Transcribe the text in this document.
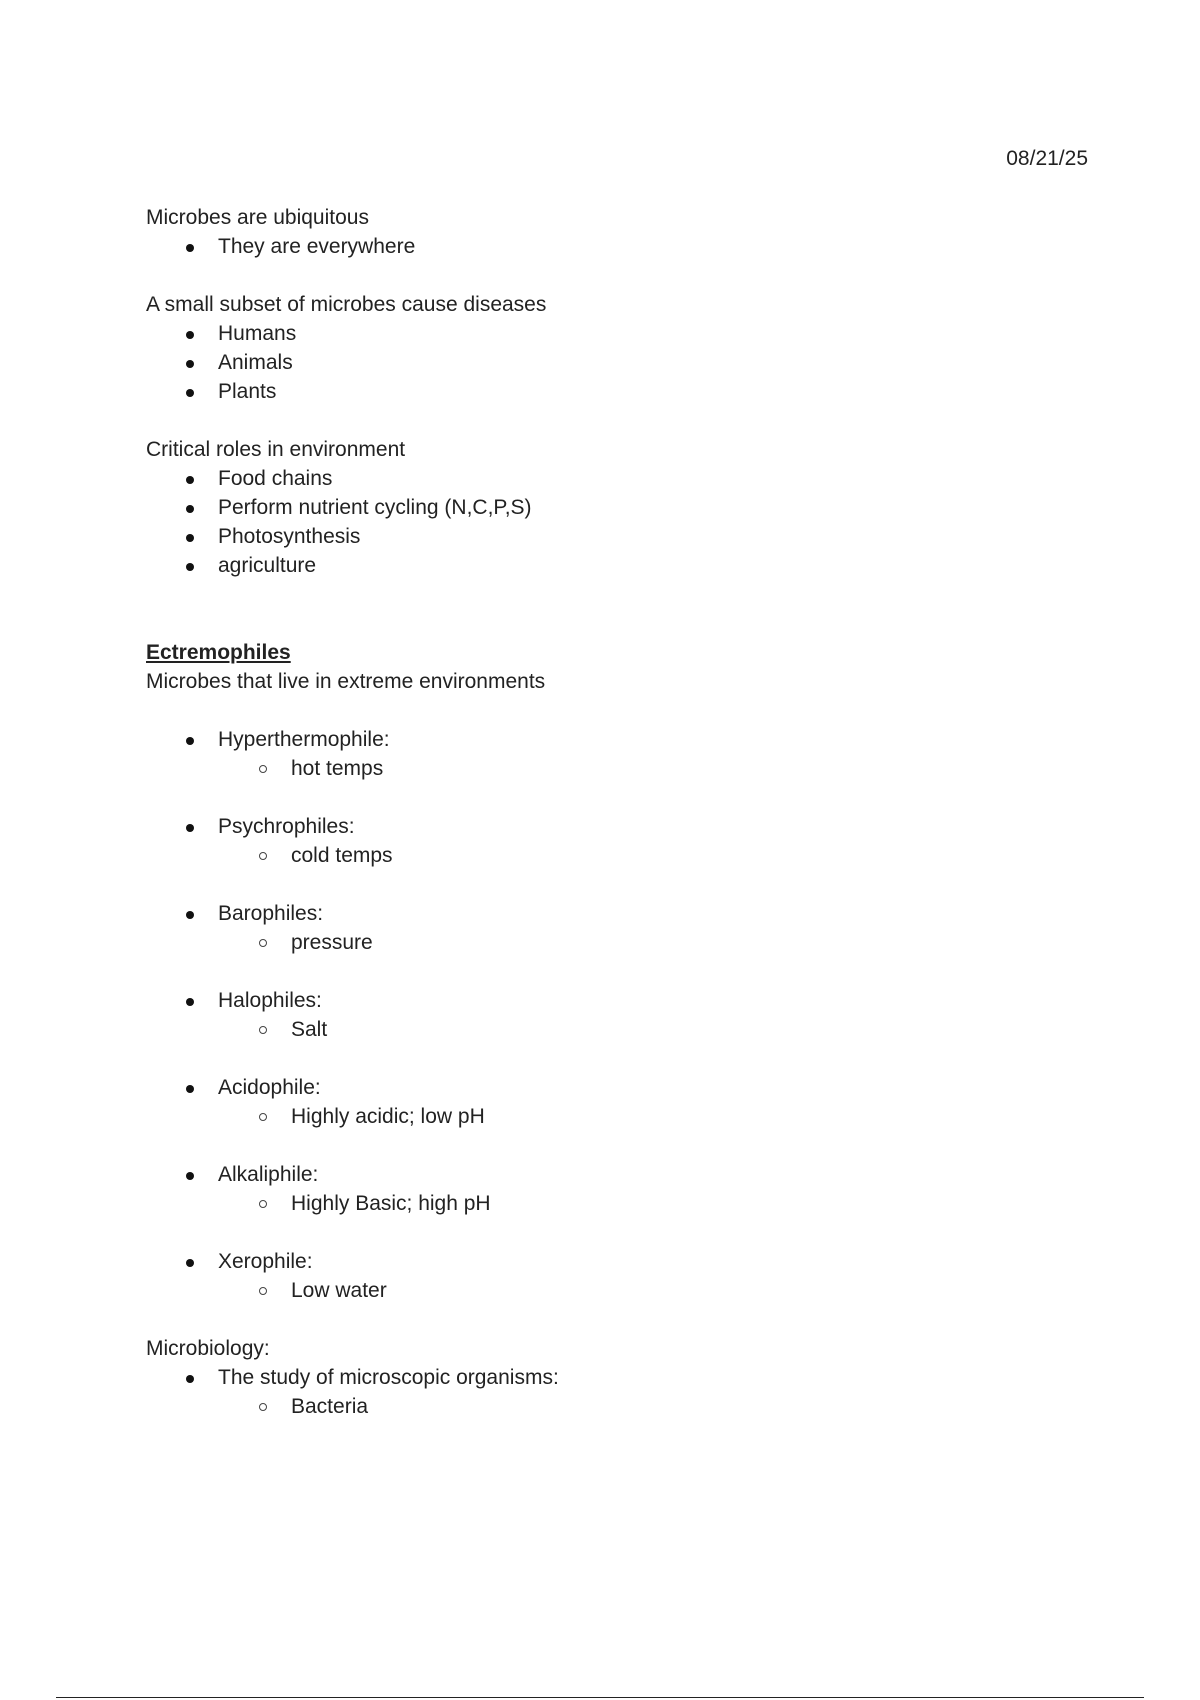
08/21/25

Microbes are ubiquitous

They are everywhere

A small subset of microbes cause diseases

Humans
Animals
Plants

Critical roles in environment

Food chains
Perform nutrient cycling (N,C,P,S)
Photosynthesis
agriculture

Ectremophiles

Microbes that live in extreme environments

Hyperthermophile:
hot temps
Psychrophiles:
cold temps
Barophiles:
pressure
Halophiles:
Salt
Acidophile:
Highly acidic; low pH
Alkaliphile:
Highly Basic; high pH
Xerophile:
Low water

Microbiology:

The study of microscopic organisms:
Bacteria
